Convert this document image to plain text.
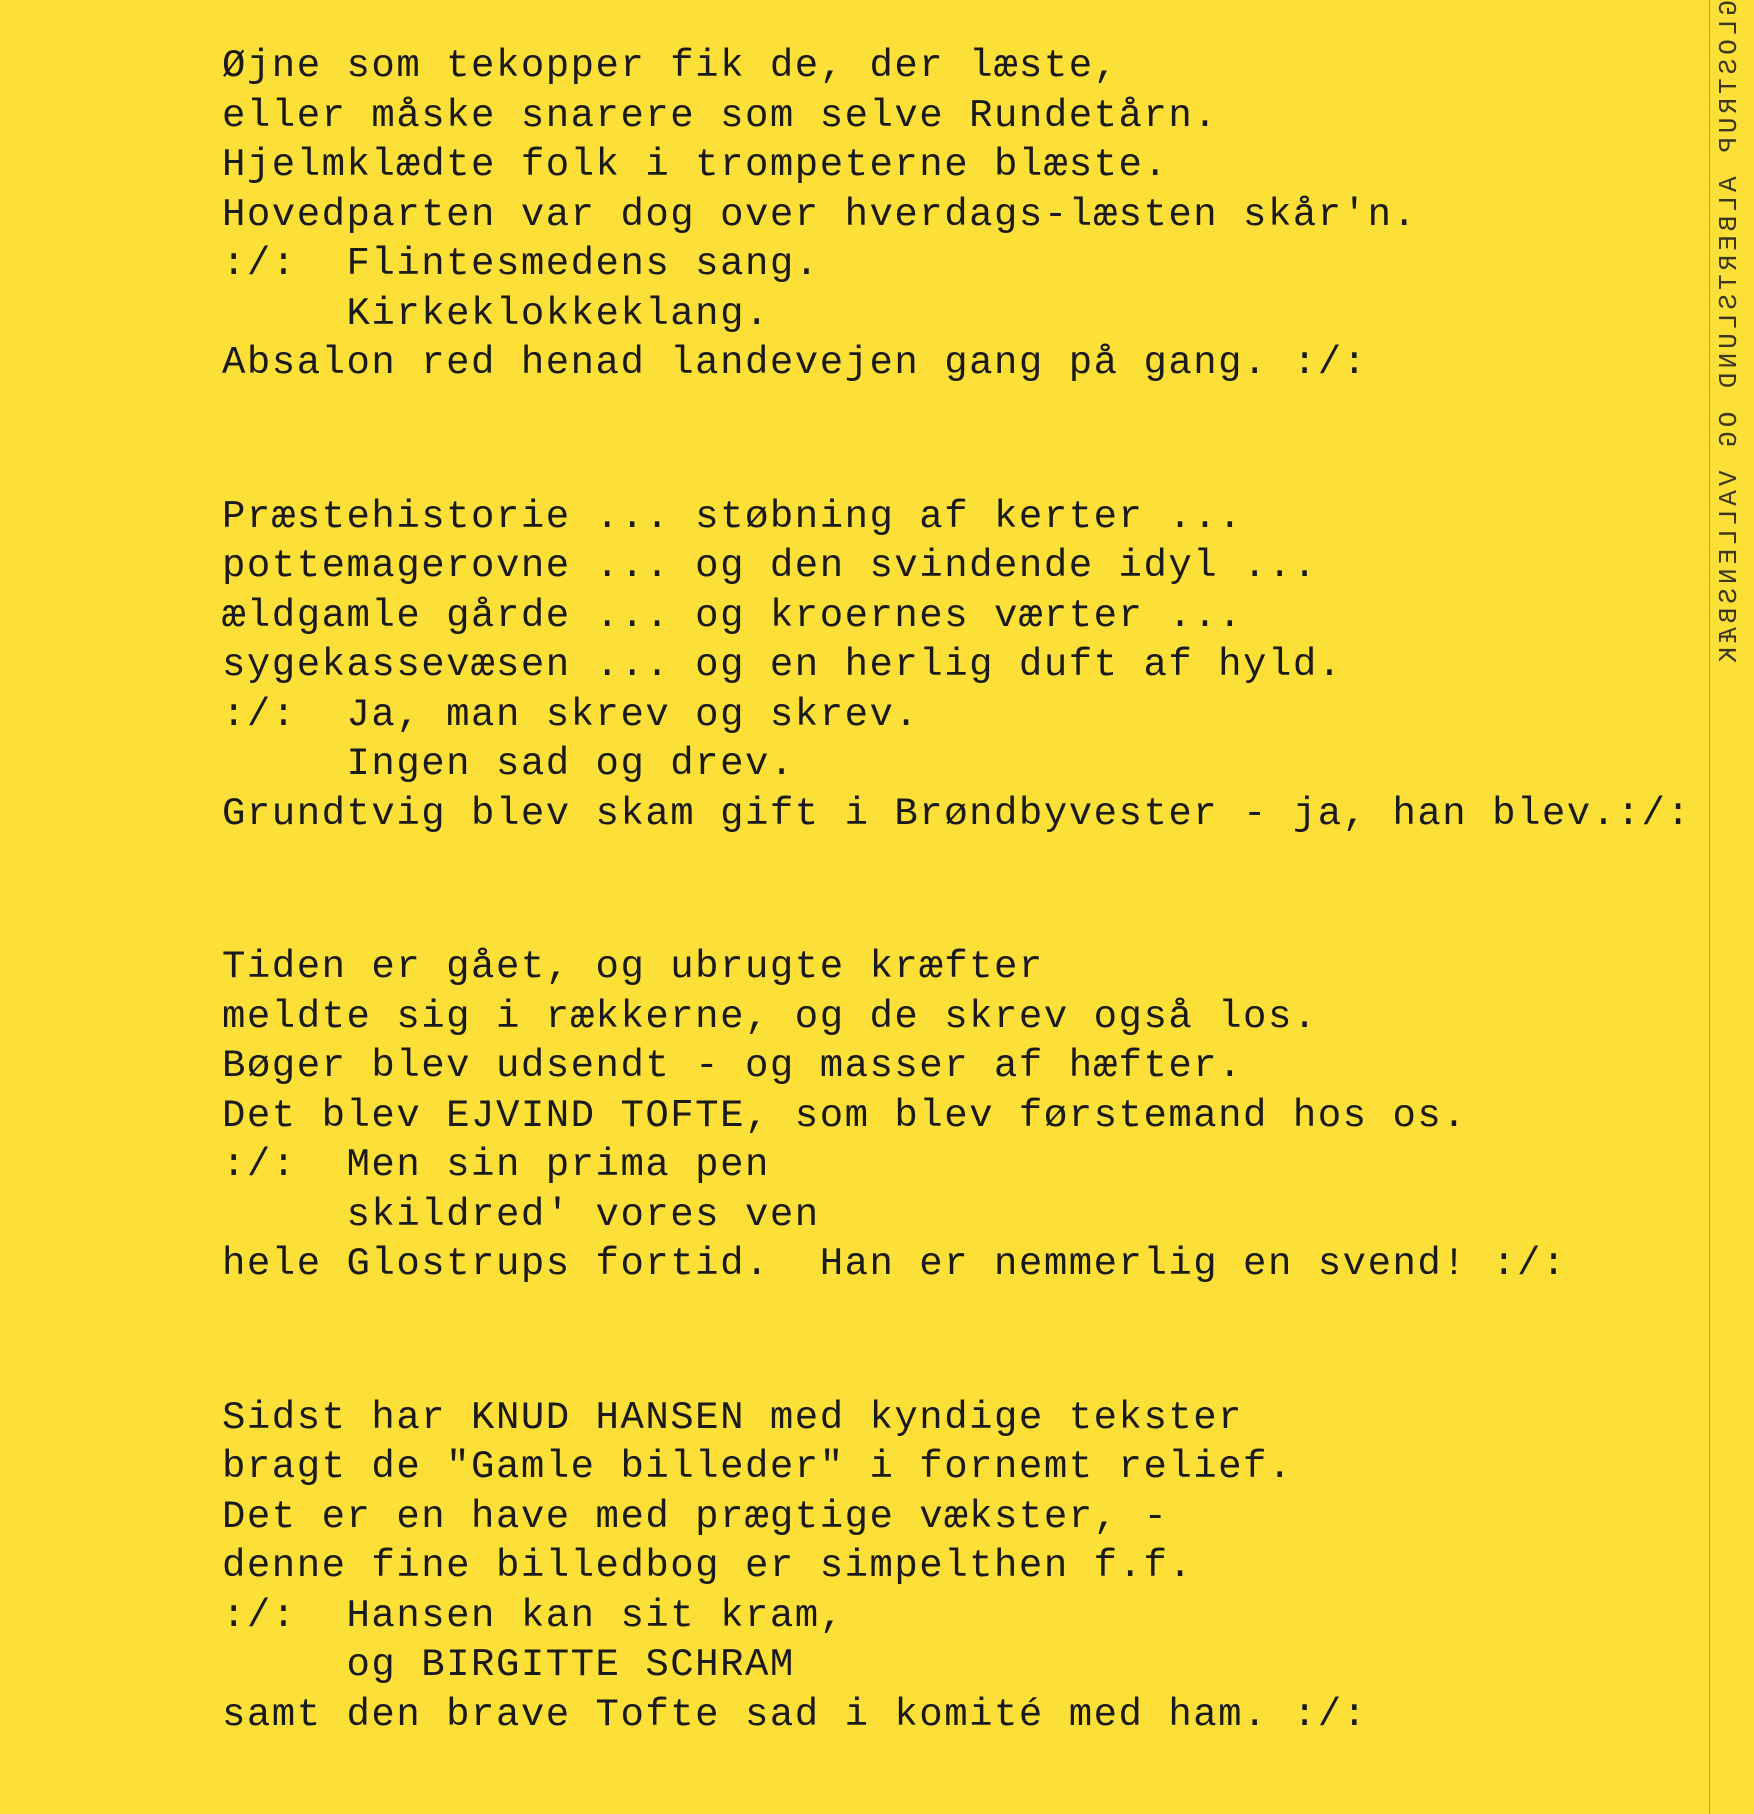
Øjne som tekopper fik de, der læste,
eller måske snarere som selve Rundetårn.
Hjelmklædte folk i trompeterne blæste.
Hovedparten var dog over hverdags-læsten skår'n.
:/:  Flintesmedens sang.
Kirkeklokkeklang.
Absalon red henad landevejen gang på gang. :/:
Præstehistorie ... støbning af kerter ...
pottemagerovne ... og den svindende idyl ...
ældgamle gårde ... og kroernes værter ...
sygekassevæsen ... og en herlig duft af hyld.
:/:  Ja, man skrev og skrev.
Ingen sad og drev.
Grundtvig blev skam gift i Brøndbyvester - ja, han blev.:/:
Tiden er gået, og ubrugte kræfter
meldte sig i rækkerne, og de skrev også los.
Bøger blev udsendt - og masser af hæfter.
Det blev EJVIND TOFTE, som blev førstemand hos os.
:/:  Men sin prima pen
skildred' vores ven
hele Glostrups fortid.  Han er nemmerlig en svend! :/:
Sidst har KNUD HANSEN med kyndige tekster
bragt de "Gamle billeder" i fornemt relief.
Det er en have med prægtige vækster, -
denne fine billedbog er simpelthen f.f.
:/:  Hansen kan sit kram,
og BIRGITTE SCHRAM
samt den brave Tofte sad i komité med ham. :/:
GLOSTRUP ALBERTSLUND OG VALLENSBÆK
